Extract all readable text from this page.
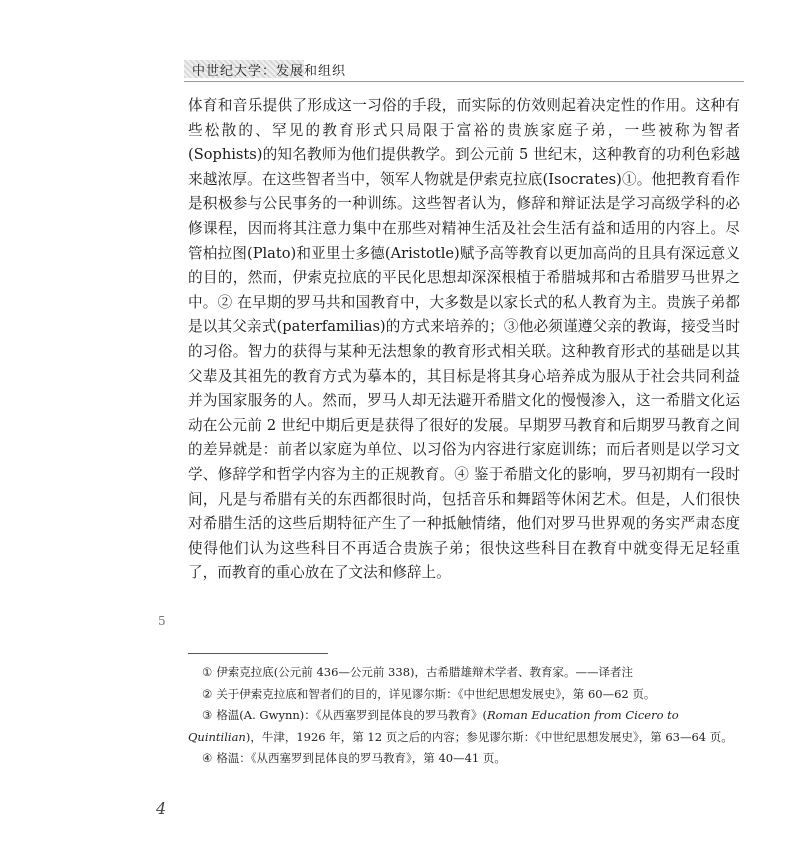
中世纪大学：发展和组织

体育和音乐提供了形成这一习俗的手段，而实际的仿效则起着决定性的作用。这种有些松散的、罕见的教育形式只局限于富裕的贵族家庭子弟，一些被称为智者(Sophists)的知名教师为他们提供教学。到公元前 5 世纪末，这种教育的功利色彩越来越浓厚。在这些智者当中，领军人物就是伊索克拉底(Isocrates)①。他把教育看作是积极参与公民事务的一种训练。这些智者认为，修辞和辩证法是学习高级学科的必修课程，因而将其注意力集中在那些对精神生活及社会生活有益和适用的内容上。尽管柏拉图(Plato)和亚里士多德(Aristotle)赋予高等教育以更加高尚的且具有深远意义的目的，然而，伊索克拉底的平民化思想却深深根植于希腊城邦和古希腊罗马世界之中。② 在早期的罗马共和国教育中，大多数是以家长式的私人教育为主。贵族子弟都是以其父亲式(paterfamilias)的方式来培养的；③他必须谨遵父亲的教诲，接受当时的习俗。智力的获得与某种无法想象的教育形式相关联。这种教育形式的基础是以其父辈及其祖先的教育方式为摹本的，其目标是将其身心培养成为服从于社会共同利益并为国家服务的人。然而，罗马人却无法避开希腊文化的慢慢渗入，这一希腊文化运动在公元前 2 世纪中期后更是获得了很好的发展。早期罗马教育和后期罗马教育之间的差异就是：前者以家庭为单位、以习俗为内容进行家庭训练；而后者则是以学习文学、修辞学和哲学内容为主的正规教育。④ 鉴于希腊文化的影响，罗马初期有一段时间，凡是与希腊有关的东西都很时尚，包括音乐和舞蹈等休闲艺术。但是，人们很快对希腊生活的这些后期特征产生了一种抵触情绪，他们对罗马世界观的务实严肃态度使得他们认为这些科目不再适合贵族子弟；很快这些科目在教育中就变得无足轻重了，而教育的重心放在了文法和修辞上。

5

① 伊索克拉底(公元前 436—公元前 338)，古希腊雄辩术学者、教育家。——译者注

② 关于伊索克拉底和智者们的目的，详见谬尔斯：《中世纪思想发展史》，第 60—62 页。

③ 格温(A. Gwynn)：《从西塞罗到昆体良的罗马教育》(Roman Education from Cicero to Quintilian)，牛津，1926 年，第 12 页之后的内容；参见谬尔斯：《中世纪思想发展史》，第 63—64 页。

④ 格温：《从西塞罗到昆体良的罗马教育》，第 40—41 页。

4
